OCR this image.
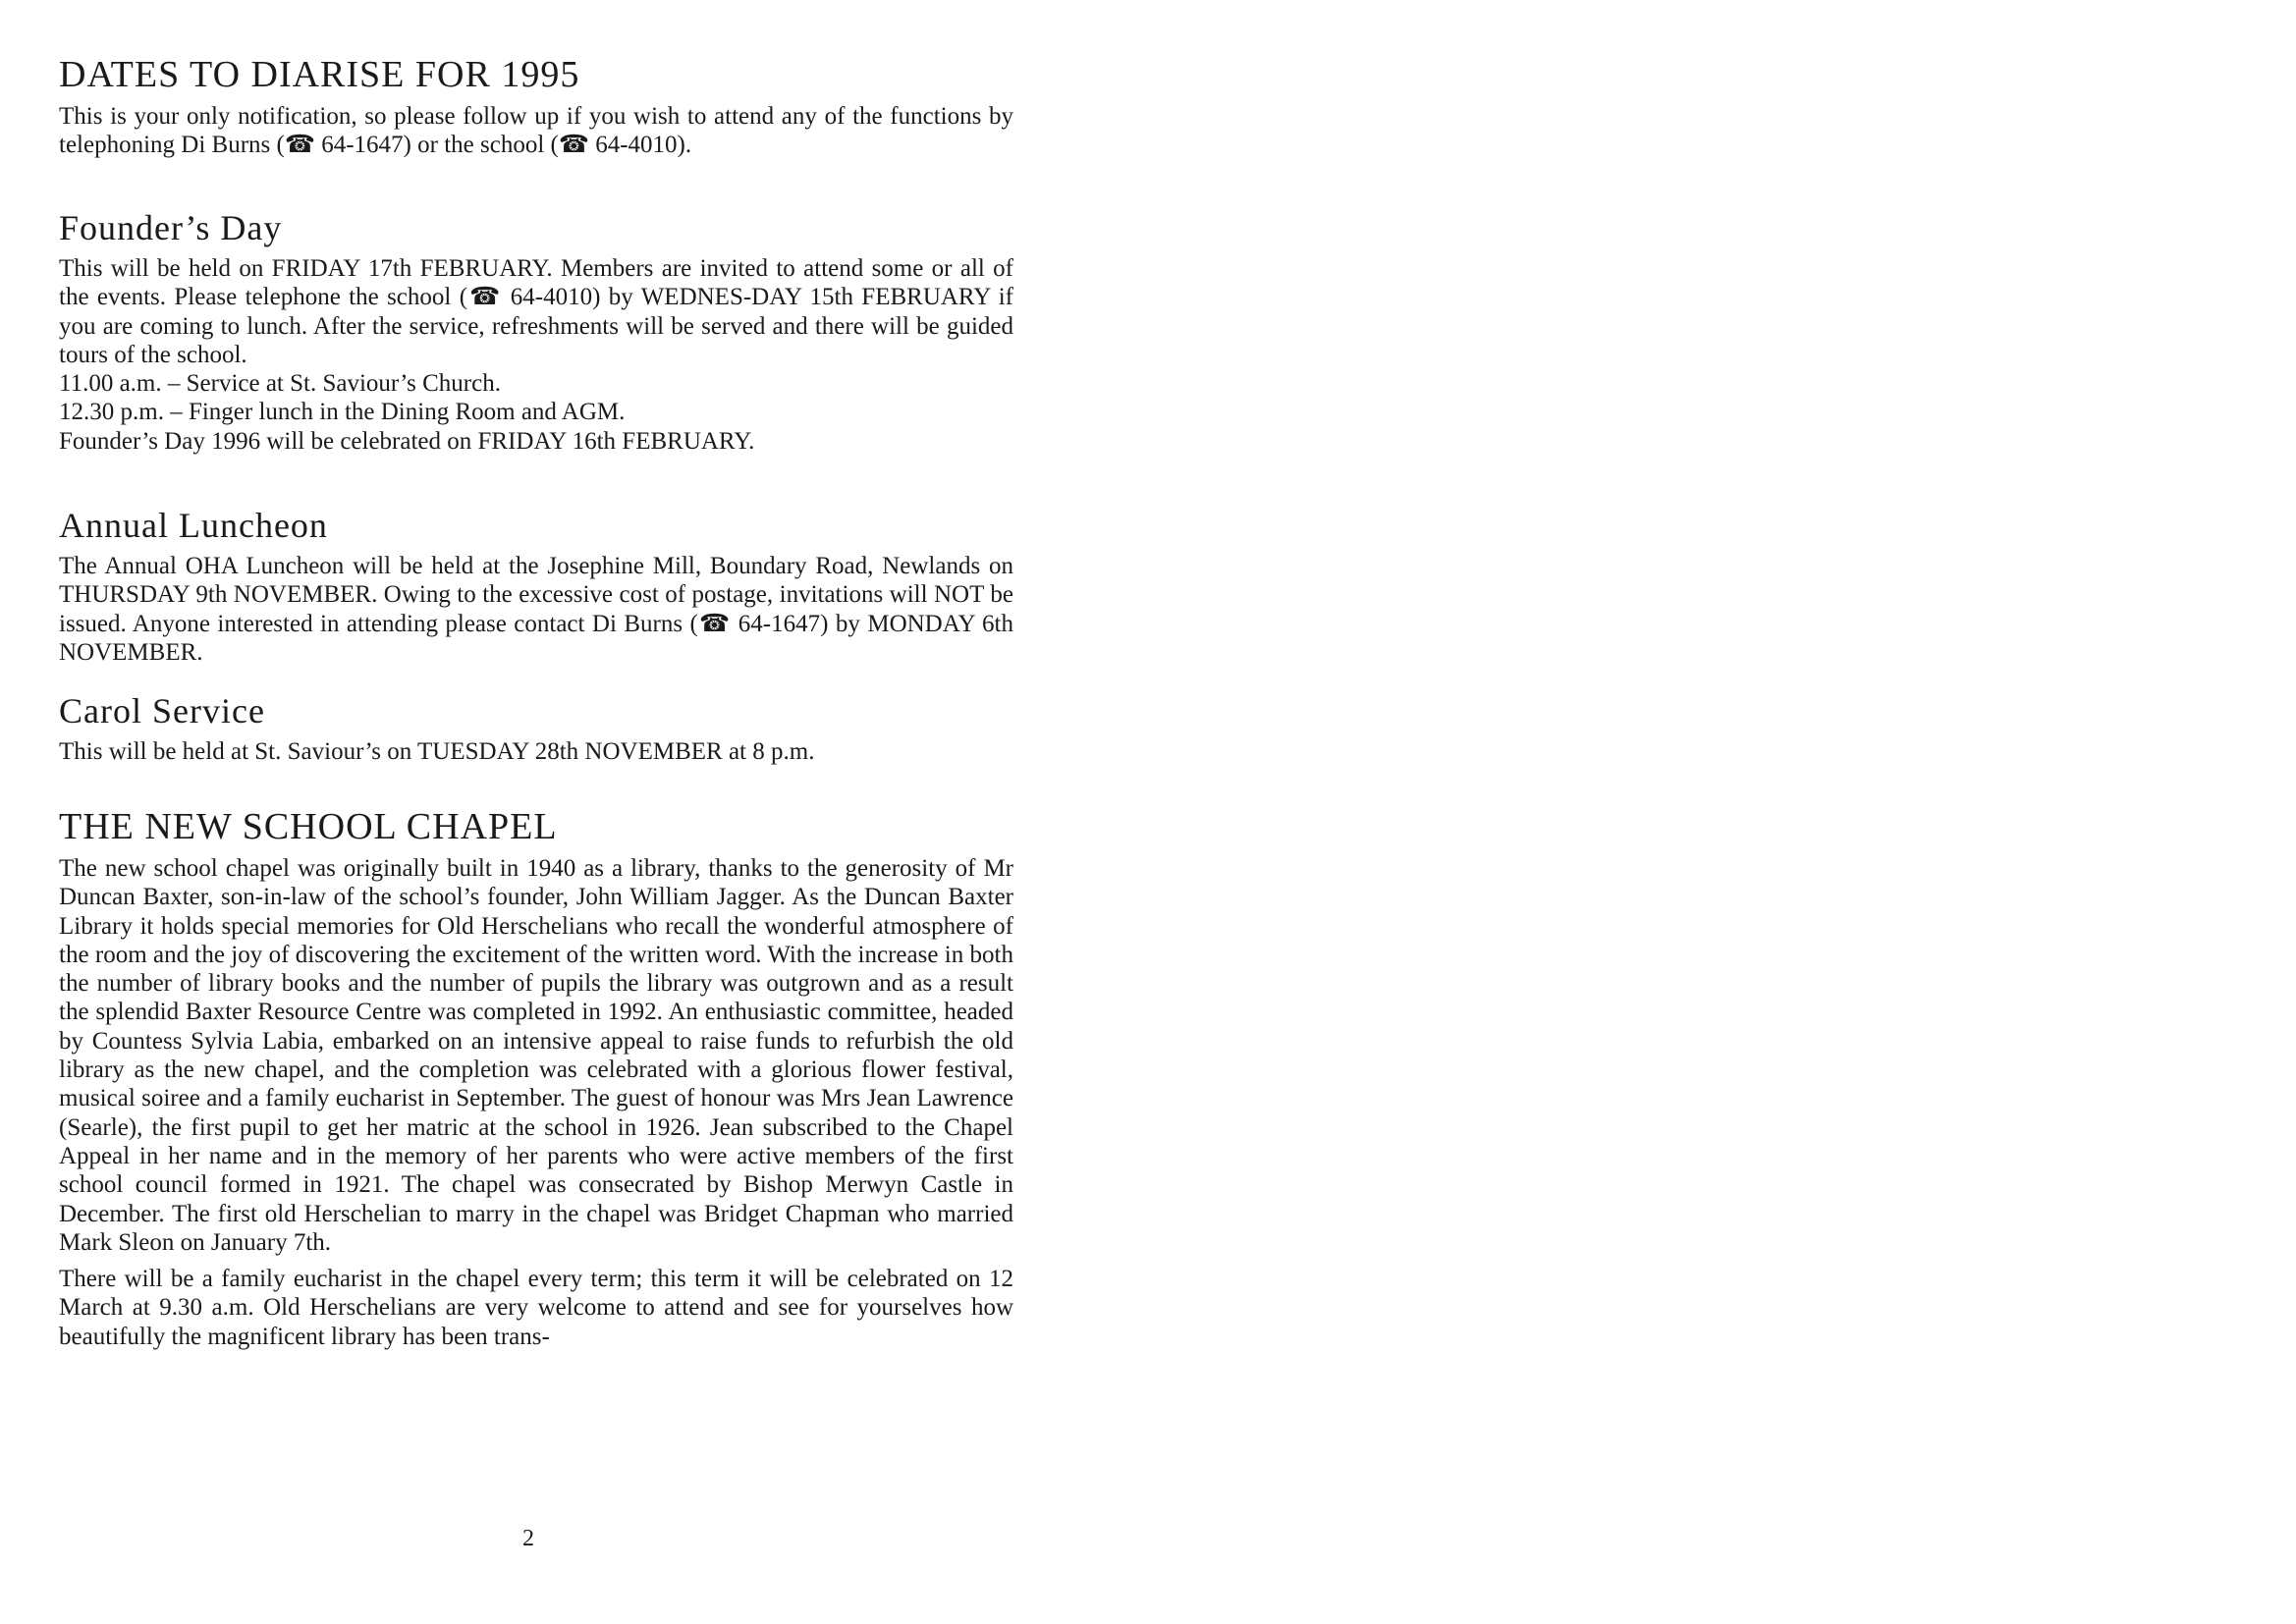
DATES TO DIARISE FOR 1995

This is your only notification, so please follow up if you wish to attend any of the functions by telephoning Di Burns (☎ 64-1647) or the school (☎ 64-4010).

Founder’s Day

This will be held on FRIDAY 17th FEBRUARY. Members are invited to attend some or all of the events. Please telephone the school (☎ 64-4010) by WEDNES-DAY 15th FEBRUARY if you are coming to lunch. After the service, refreshments will be served and there will be guided tours of the school.

11.00 a.m. – Service at St. Saviour’s Church.

12.30 p.m. – Finger lunch in the Dining Room and AGM.

Founder’s Day 1996 will be celebrated on FRIDAY 16th FEBRUARY.

Annual Luncheon

The Annual OHA Luncheon will be held at the Josephine Mill, Boundary Road, Newlands on THURSDAY 9th NOVEMBER. Owing to the excessive cost of postage, invitations will NOT be issued. Anyone interested in attending please contact Di Burns (☎ 64-1647) by MONDAY 6th NOVEMBER.

Carol Service

This will be held at St. Saviour’s on TUESDAY 28th NOVEMBER at 8 p.m.

THE NEW SCHOOL CHAPEL

The new school chapel was originally built in 1940 as a library, thanks to the generosity of Mr Duncan Baxter, son-in-law of the school’s founder, John William Jagger. As the Duncan Baxter Library it holds special memories for Old Herschelians who recall the wonderful atmosphere of the room and the joy of discovering the excitement of the written word. With the increase in both the number of library books and the number of pupils the library was outgrown and as a result the splendid Baxter Resource Centre was completed in 1992. An enthusiastic committee, headed by Countess Sylvia Labia, embarked on an intensive appeal to raise funds to refurbish the old library as the new chapel, and the completion was celebrated with a glorious flower festival, musical soiree and a family eucharist in September. The guest of honour was Mrs Jean Lawrence (Searle), the first pupil to get her matric at the school in 1926. Jean subscribed to the Chapel Appeal in her name and in the memory of her parents who were active members of the first school council formed in 1921. The chapel was consecrated by Bishop Merwyn Castle in December. The first old Herschelian to marry in the chapel was Bridget Chapman who married Mark Sleon on January 7th.

There will be a family eucharist in the chapel every term; this term it will be celebrated on 12 March at 9.30 a.m. Old Herschelians are very welcome to attend and see for yourselves how beautifully the magnificent library has been trans-

2
